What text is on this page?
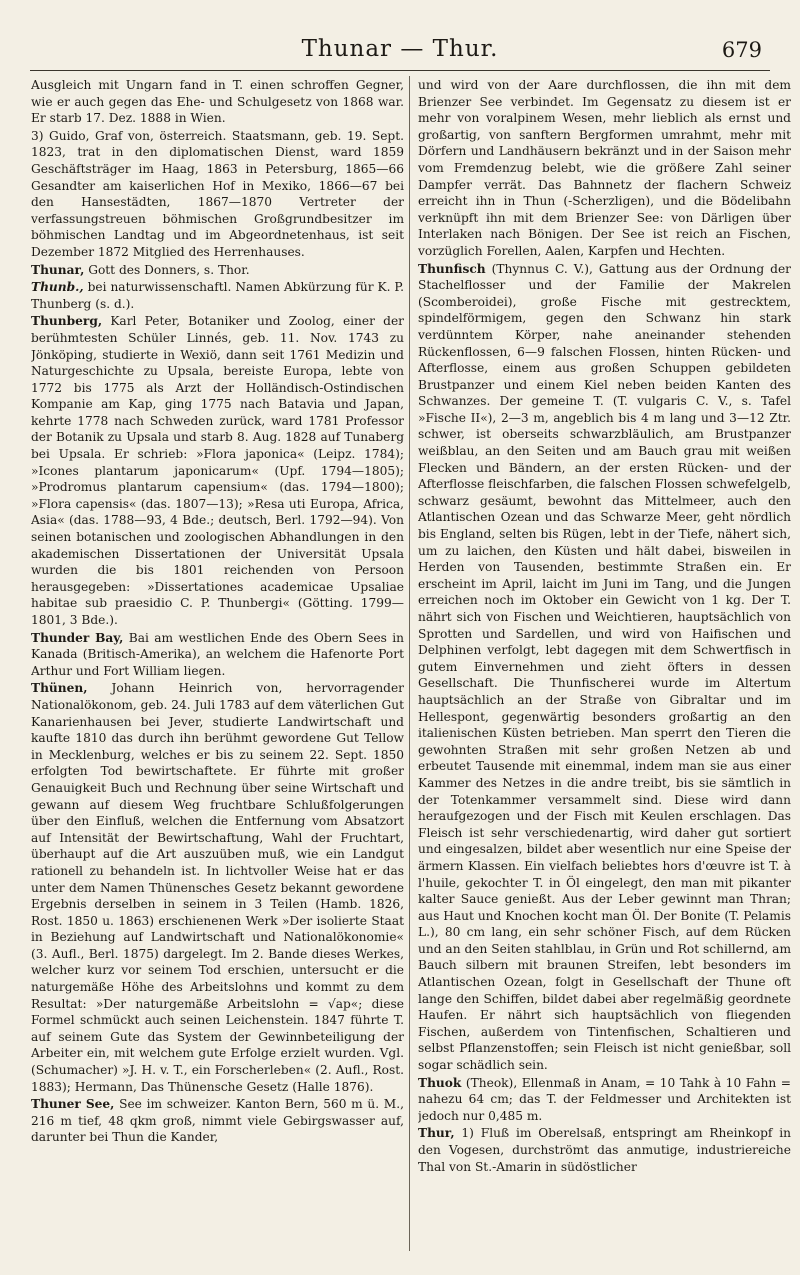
Thunar — Thur.	679

Ausgleich mit Ungarn fand in T. einen schroffen Gegner, wie er auch gegen das Ehe- und Schulgesetz von 1868 war. Er starb 17. Dez. 1888 in Wien.

3) Guido, Graf von, österreich. Staatsmann, geb. 19. Sept. 1823, trat in den diplomatischen Dienst, ward 1859 Geschäftsträger im Haag, 1863 in Petersburg, 1865—66 Gesandter am kaiserlichen Hof in Mexiko, 1866—67 bei den Hansestädten, 1867—1870 Vertreter der verfassungstreuen böhmischen Großgrundbesitzer im böhmischen Landtag und im Abgeordnetenhaus, ist seit Dezember 1872 Mitglied des Herrenhauses.

Thunar, Gott des Donners, s. Thor.

Thunb., bei naturwissenschaftl. Namen Abkürzung für K. P. Thunberg (s. d.).

Thunberg, Karl Peter, Botaniker und Zoolog, einer der berühmtesten Schüler Linnés, geb. 11. Nov. 1743 zu Jönköping, studierte in Wexiö, dann seit 1761 Medizin und Naturgeschichte zu Upsala, bereiste Europa, lebte von 1772 bis 1775 als Arzt der Holländisch-Ostindischen Kompanie am Kap, ging 1775 nach Batavia und Japan, kehrte 1778 nach Schweden zurück, ward 1781 Professor der Botanik zu Upsala und starb 8. Aug. 1828 auf Tunaberg bei Upsala. Er schrieb: »Flora japonica« (Leipz. 1784); »Icones plantarum japonicarum« (Upf. 1794—1805); »Prodromus plantarum capensium« (das. 1794—1800); »Flora capensis« (das. 1807—13); »Resa uti Europa, Africa, Asia« (das. 1788—93, 4 Bde.; deutsch, Berl. 1792—94). Von seinen botanischen und zoologischen Abhandlungen in den akademischen Dissertationen der Universität Upsala wurden die bis 1801 reichenden von Persoon herausgegeben: »Dissertationes academicae Upsaliae habitae sub praesidio C. P. Thunbergi« (Götting. 1799—1801, 3 Bde.).

Thunder Bay, Bai am westlichen Ende des Obern Sees in Kanada (Britisch-Amerika), an welchem die Hafenorte Port Arthur und Fort William liegen.

Thünen, Johann Heinrich von, hervorragender Nationalökonom, geb. 24. Juli 1783 auf dem väterlichen Gut Kanarienhausen bei Jever, studierte Landwirtschaft und kaufte 1810 das durch ihn berühmt gewordene Gut Tellow in Mecklenburg, welches er bis zu seinem 22. Sept. 1850 erfolgten Tod bewirtschaftete. Er führte mit großer Genauigkeit Buch und Rechnung über seine Wirtschaft und gewann auf diesem Weg fruchtbare Schlußfolgerungen über den Einfluß, welchen die Entfernung vom Absatzort auf Intensität der Bewirtschaftung, Wahl der Fruchtart, überhaupt auf die Art auszuüben muß, wie ein Landgut rationell zu behandeln ist. In lichtvoller Weise hat er das unter dem Namen Thünensches Gesetz bekannt gewordene Ergebnis derselben in seinem in 3 Teilen (Hamb. 1826, Rost. 1850 u. 1863) erschienenen Werk »Der isolierte Staat in Beziehung auf Landwirtschaft und Nationalökonomie« (3. Aufl., Berl. 1875) dargelegt. Im 2. Bande dieses Werkes, welcher kurz vor seinem Tod erschien, untersucht er die naturgemäße Höhe des Arbeitslohns und kommt zu dem Resultat: »Der naturgemäße Arbeitslohn = √ap«; diese Formel schmückt auch seinen Leichenstein. 1847 führte T. auf seinem Gute das System der Gewinnbeteiligung der Arbeiter ein, mit welchem gute Erfolge erzielt wurden. Vgl. (Schumacher) »J. H. v. T., ein Forscherleben« (2. Aufl., Rost. 1883); Hermann, Das Thünensche Gesetz (Halle 1876).

Thuner See, See im schweizer. Kanton Bern, 560 m ü. M., 216 m tief, 48 qkm groß, nimmt viele Gebirgswasser auf, darunter bei Thun die Kander,

und wird von der Aare durchflossen, die ihn mit dem Brienzer See verbindet. Im Gegensatz zu diesem ist er mehr von voralpinem Wesen, mehr lieblich als ernst und großartig, von sanftern Bergformen umrahmt, mehr mit Dörfern und Landhäusern bekränzt und in der Saison mehr vom Fremdenzug belebt, wie die größere Zahl seiner Dampfer verrät. Das Bahnnetz der flachern Schweiz erreicht ihn in Thun (-Scherzligen), und die Bödelibahn verknüpft ihn mit dem Brienzer See: von Därligen über Interlaken nach Bönigen. Der See ist reich an Fischen, vorzüglich Forellen, Aalen, Karpfen und Hechten.

Thunfisch (Thynnus C. V.), Gattung aus der Ordnung der Stachelflosser und der Familie der Makrelen (Scomberoidei), große Fische mit gestrecktem, spindelförmigem, gegen den Schwanz hin stark verdünntem Körper, nahe aneinander stehenden Rückenflossen, 6—9 falschen Flossen, hinten Rücken- und Afterflosse, einem aus großen Schuppen gebildeten Brustpanzer und einem Kiel neben beiden Kanten des Schwanzes. Der gemeine T. (T. vulgaris C. V., s. Tafel »Fische II«), 2—3 m, angeblich bis 4 m lang und 3—12 Ztr. schwer, ist oberseits schwarzbläulich, am Brustpanzer weißblau, an den Seiten und am Bauch grau mit weißen Flecken und Bändern, an der ersten Rücken- und der Afterflosse fleischfarben, die falschen Flossen schwefelgelb, schwarz gesäumt, bewohnt das Mittelmeer, auch den Atlantischen Ozean und das Schwarze Meer, geht nördlich bis England, selten bis Rügen, lebt in der Tiefe, nähert sich, um zu laichen, den Küsten und hält dabei, bisweilen in Herden von Tausenden, bestimmte Straßen ein. Er erscheint im April, laicht im Juni im Tang, und die Jungen erreichen noch im Oktober ein Gewicht von 1 kg. Der T. nährt sich von Fischen und Weichtieren, hauptsächlich von Sprotten und Sardellen, und wird von Haifischen und Delphinen verfolgt, lebt dagegen mit dem Schwertfisch in gutem Einvernehmen und zieht öfters in dessen Gesellschaft. Die Thunfischerei wurde im Altertum hauptsächlich an der Straße von Gibraltar und im Hellespont, gegenwärtig besonders großartig an den italienischen Küsten betrieben. Man sperrt den Tieren die gewohnten Straßen mit sehr großen Netzen ab und erbeutet Tausende mit einemmal, indem man sie aus einer Kammer des Netzes in die andre treibt, bis sie sämtlich in der Totenkammer versammelt sind. Diese wird dann heraufgezogen und der Fisch mit Keulen erschlagen. Das Fleisch ist sehr verschiedenartig, wird daher gut sortiert und eingesalzen, bildet aber wesentlich nur eine Speise der ärmern Klassen. Ein vielfach beliebtes hors d'œuvre ist T. à l'huile, gekochter T. in Öl eingelegt, den man mit pikanter kalter Sauce genießt. Aus der Leber gewinnt man Thran; aus Haut und Knochen kocht man Öl. Der Bonite (T. Pelamis L.), 80 cm lang, ein sehr schöner Fisch, auf dem Rücken und an den Seiten stahlblau, in Grün und Rot schillernd, am Bauch silbern mit braunen Streifen, lebt besonders im Atlantischen Ozean, folgt in Gesellschaft der Thune oft lange den Schiffen, bildet dabei aber regelmäßig geordnete Haufen. Er nährt sich hauptsächlich von fliegenden Fischen, außerdem von Tintenfischen, Schaltieren und selbst Pflanzenstoffen; sein Fleisch ist nicht genießbar, soll sogar schädlich sein.

Thuok (Theok), Ellenmaß in Anam, = 10 Tahk à 10 Fahn = nahezu 64 cm; das T. der Feldmesser und Architekten ist jedoch nur 0,485 m.

Thur, 1) Fluß im Oberelsaß, entspringt am Rheinkopf in den Vogesen, durchströmt das anmutige, industriereiche Thal von St.-Amarin in südöstlicher
